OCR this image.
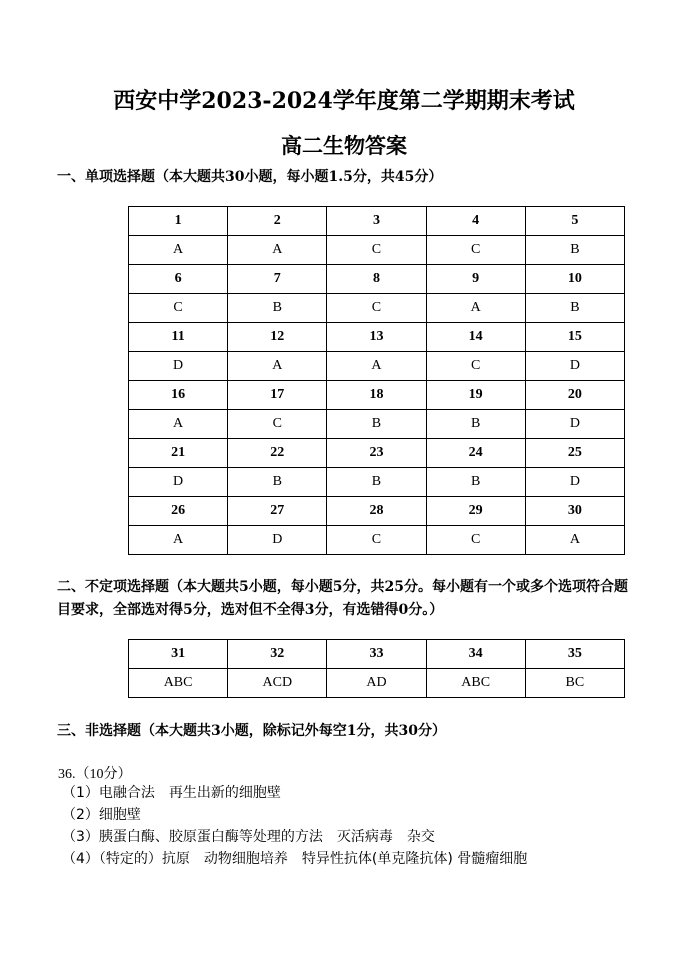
西安中学2023-2024学年度第二学期期末考试
高二生物答案
一、单项选择题（本大题共30小题，每小题1.5分，共45分）
1	2	3	4	5
A	A	C	C	B
6	7	8	9	10
C	B	C	A	B
11	12	13	14	15
D	A	A	C	D
16	17	18	19	20
A	C	B	B	D
21	22	23	24	25
D	B	B	B	D
26	27	28	29	30
A	D	C	C	A
二、不定项选择题（本大题共5小题，每小题5分，共25分。每小题有一个或多个选项符合题目要求，全部选对得5分，选对但不全得3分，有选错得0分。）
31	32	33	34	35
ABC	ACD	AD	ABC	BC
三、非选择题（本大题共3小题，除标记外每空1分，共30分）
36.（10分）
（1）电融合法　再生出新的细胞壁
（2）细胞壁
（3）胰蛋白酶、胶原蛋白酶等处理的方法　灭活病毒　杂交
（4）（特定的）抗原　动物细胞培养　特异性抗体(单克隆抗体) 骨髓瘤细胞
